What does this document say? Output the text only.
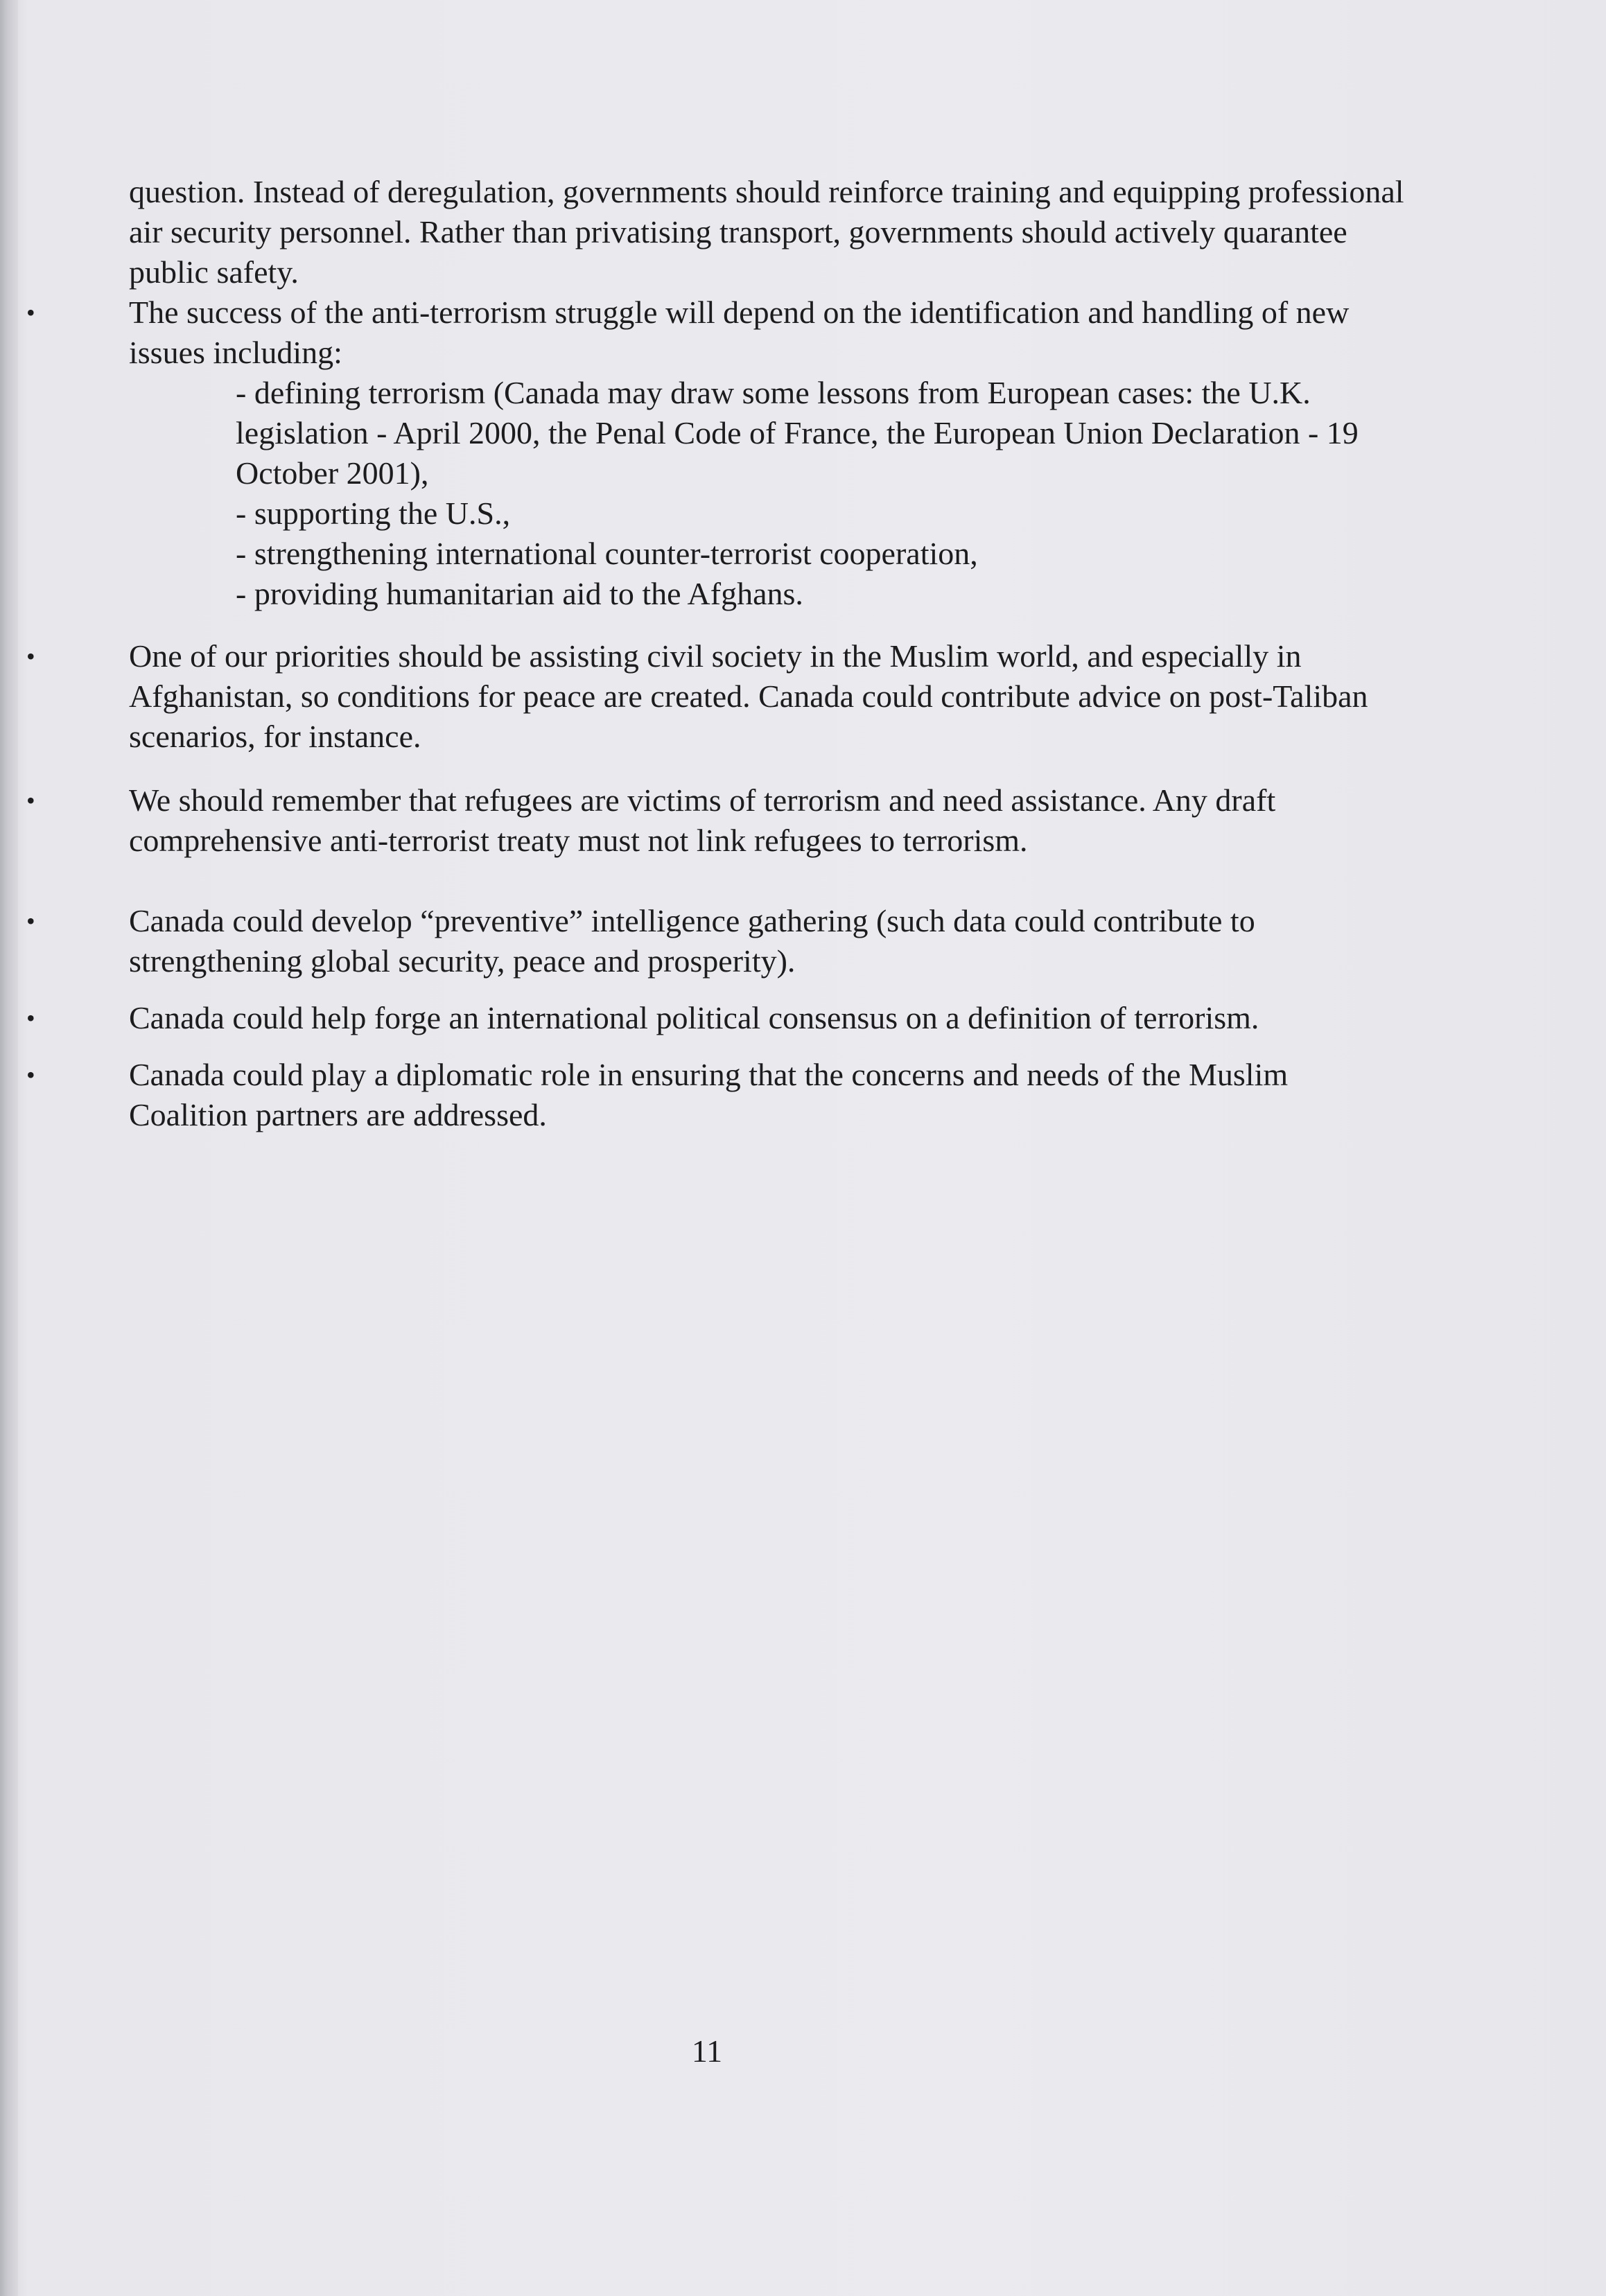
question. Instead of deregulation, governments should reinforce training and equipping professional air security personnel. Rather than privatising transport, governments should actively quarantee public safety.

•	The success of the anti-terrorism struggle will depend on the identification and handling of new issues including:

- defining terrorism (Canada may draw some lessons from European cases: the U.K. legislation - April 2000, the Penal Code of France, the European Union Declaration - 19 October 2001),

- supporting the U.S.,

- strengthening international counter-terrorist cooperation,

- providing humanitarian aid to the Afghans.

•	One of our priorities should be assisting civil society in the Muslim world, and especially in Afghanistan, so conditions for peace are created. Canada could contribute advice on post-Taliban scenarios, for instance.

•	We should remember that refugees are victims of terrorism and need assistance. Any draft comprehensive anti-terrorist treaty must not link refugees to terrorism.

•	Canada could develop “preventive” intelligence gathering (such data could contribute to strengthening global security, peace and prosperity).

•	Canada could help forge an international political consensus on a definition of terrorism.

•	Canada could play a diplomatic role in ensuring that the concerns and needs of the Muslim Coalition partners are addressed.

11
